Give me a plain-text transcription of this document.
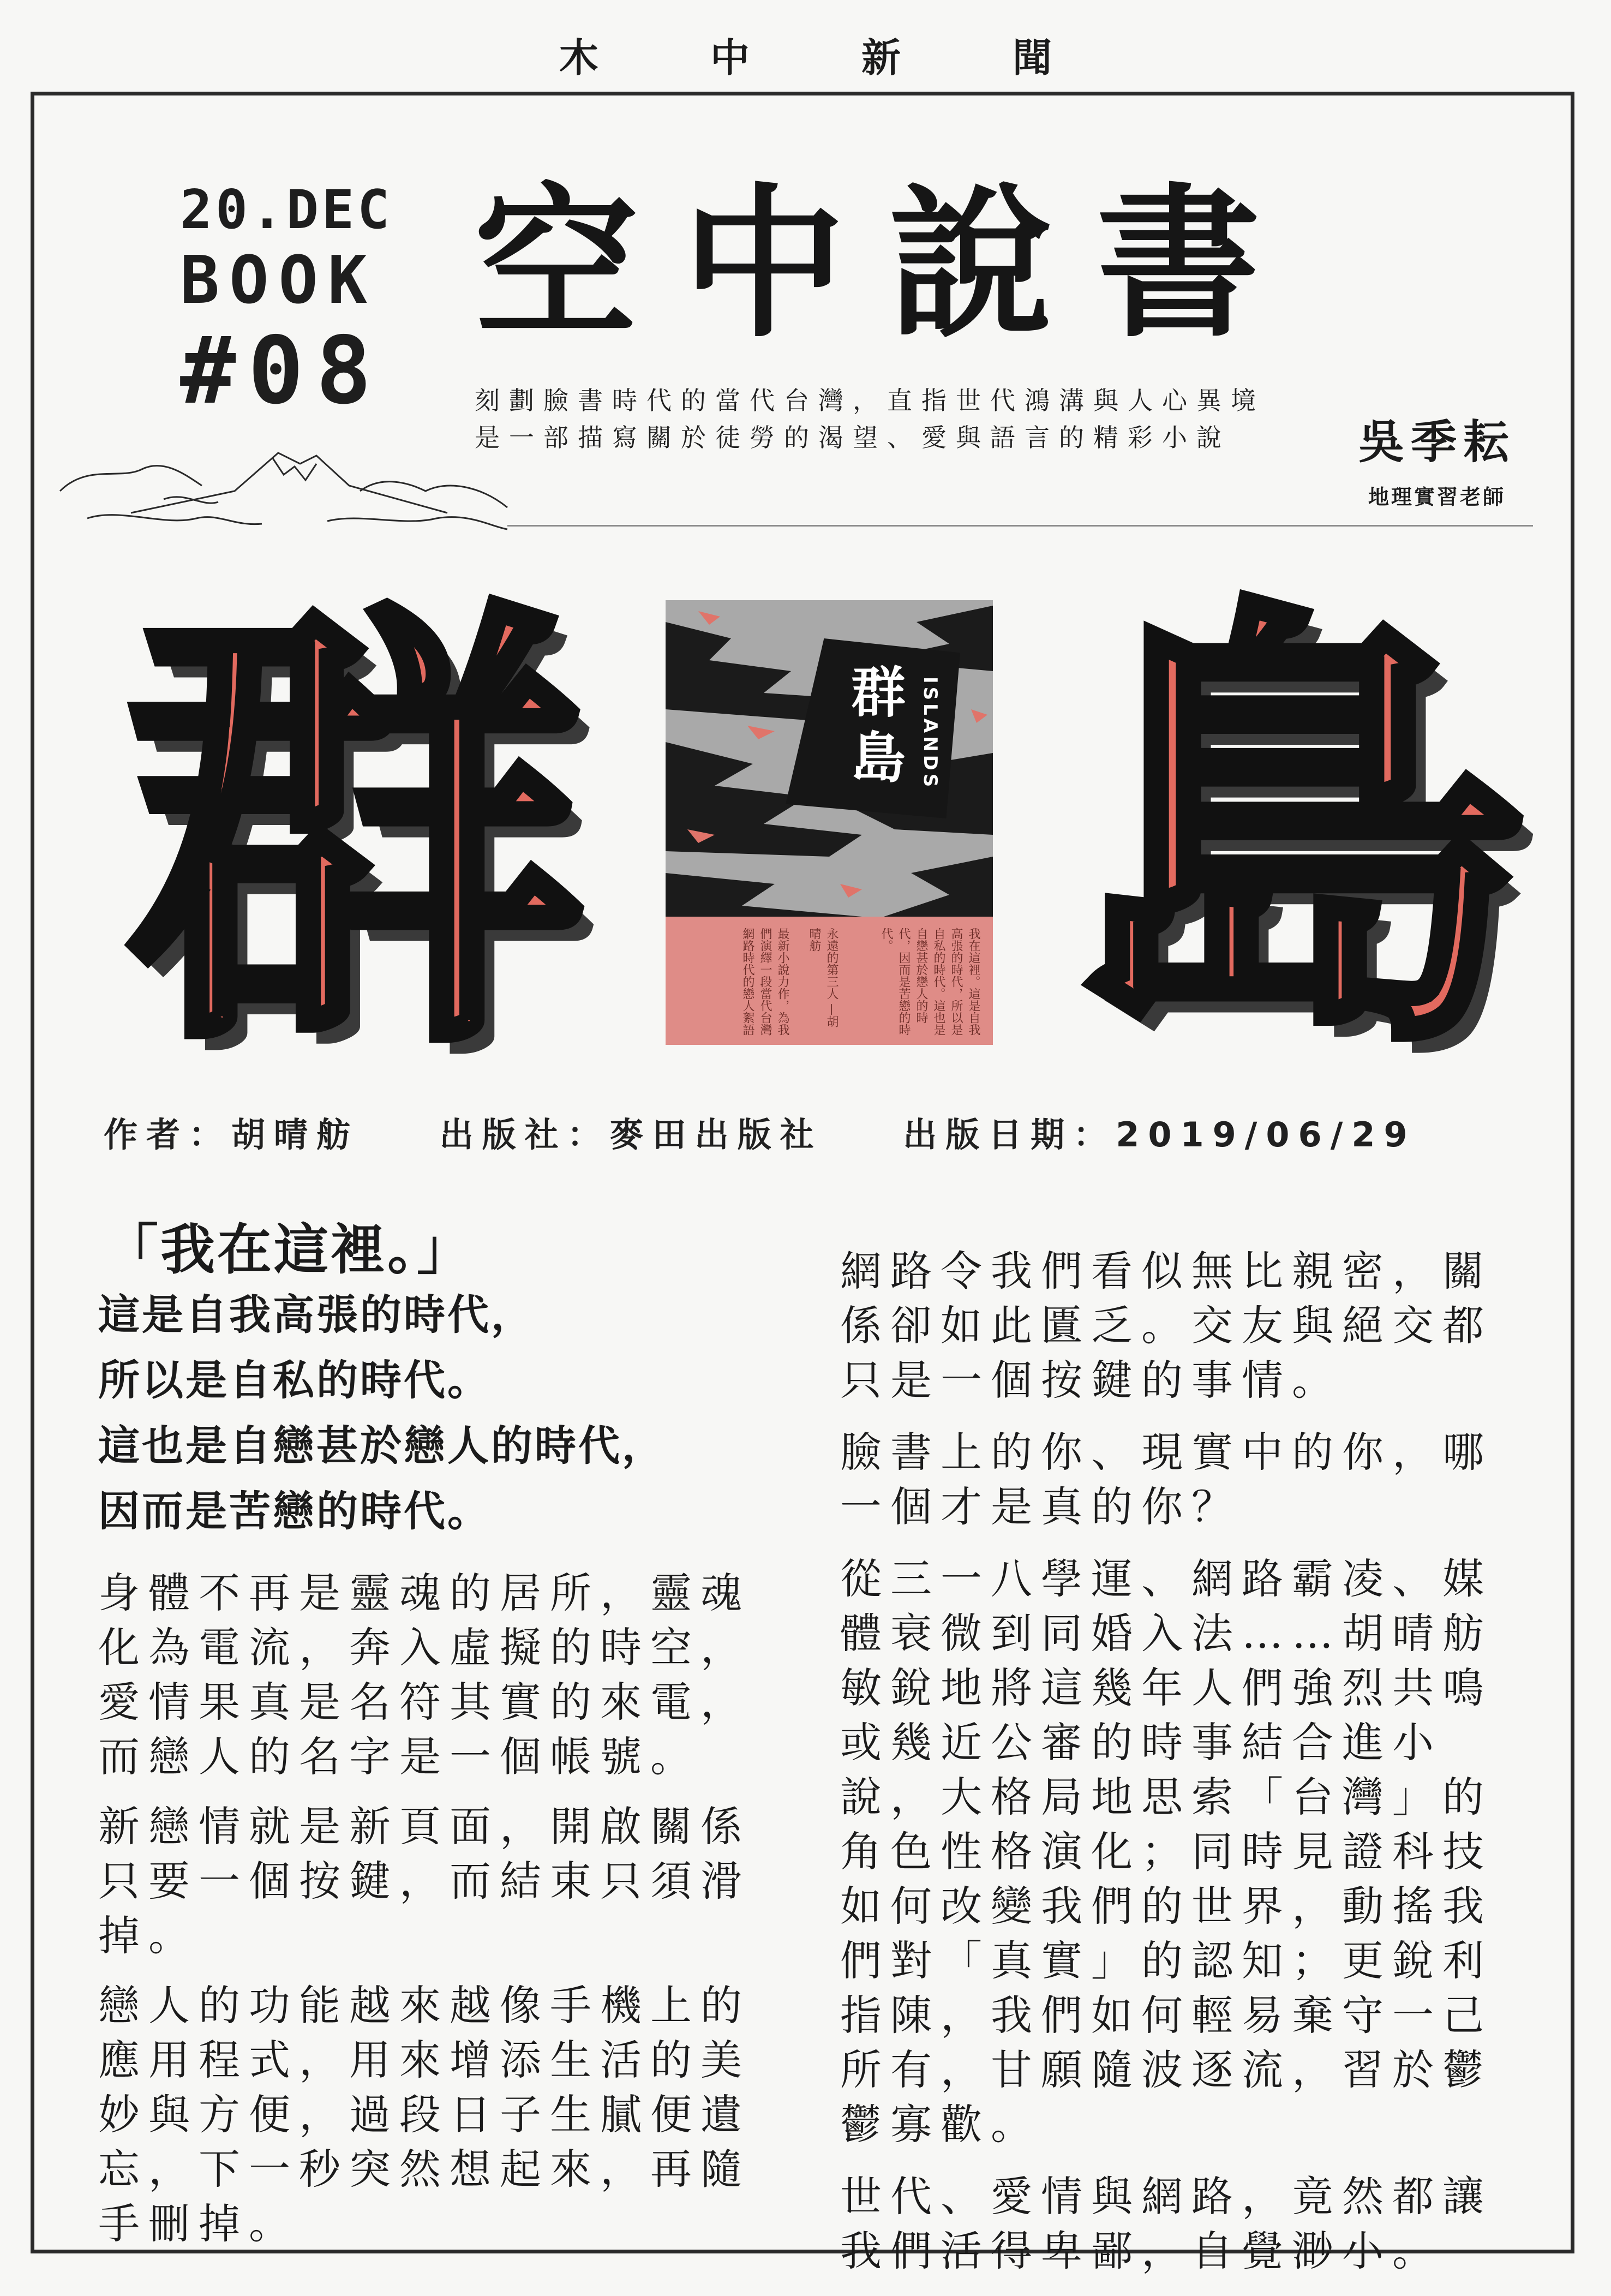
木 中 新 聞
20.DEC
BOOK
#08
空中說書
刻劃臉書時代的當代台灣，直指世代鴻溝與人心異境
是一部描寫關於徒勞的渴望、愛與語言的精彩小說	吳季耘
地理實習老師
群 島
群
島 ISLANDS
最新小說力作，為我們演繹一段當代台灣網路時代的戀人絮語	永遠的第三人 —胡晴舫	我在這裡。這是自我高張的時代，所以是自私的時代。這也是自戀甚於戀人的時代，因而是苦戀的時代。
作者：胡晴舫 出版社：麥田出版社 出版日期：2019/06/29
「我在這裡。」
這是自我高張的時代，
所以是自私的時代。
這也是自戀甚於戀人的時代，
因而是苦戀的時代。

身體不再是靈魂的居所，靈魂化為電流，奔入虛擬的時空，愛情果真是名符其實的來電，而戀人的名字是一個帳號。

新戀情就是新頁面，開啟關係只要一個按鍵，而結束只須滑掉。

戀人的功能越來越像手機上的應用程式，用來增添生活的美妙與方便，過段日子生膩便遺忘，下一秒突然想起來，再隨手刪掉。

網路令我們看似無比親密，關係卻如此匱乏。交友與絕交都只是一個按鍵的事情。

臉書上的你、現實中的你，哪一個才是真的你？

從三一八學運、網路霸凌、媒體衰微到同婚入法……胡晴舫敏銳地將這幾年人們強烈共鳴或幾近公審的時事結合進小說，大格局地思索「台灣」的角色性格演化；同時見證科技如何改變我們的世界，動搖我們對「真實」的認知；更銳利指陳，我們如何輕易棄守一己所有，甘願隨波逐流，習於鬱鬱寡歡。

世代、愛情與網路，竟然都讓我們活得卑鄙，自覺渺小。
